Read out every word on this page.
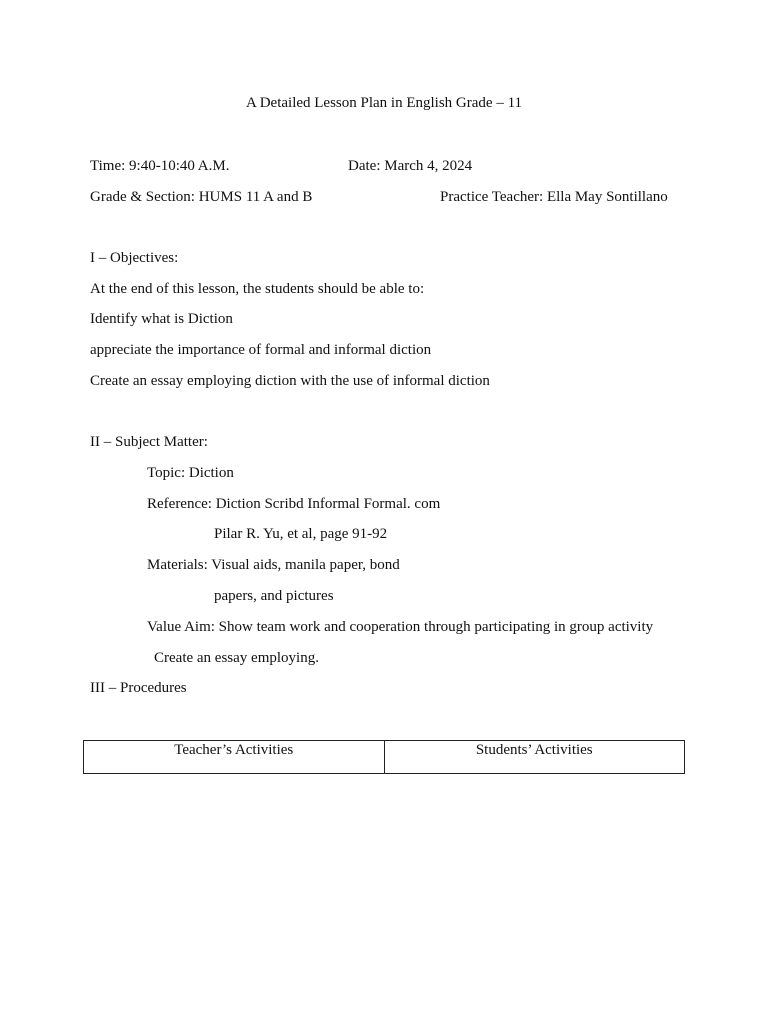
A Detailed Lesson Plan in English Grade – 11
Time: 9:40-10:40 A.M.	Date: March 4, 2024
Grade & Section: HUMS 11 A and B	Practice Teacher: Ella May Sontillano
I – Objectives:
At the end of this lesson, the students should be able to:
Identify what is Diction
appreciate the importance of formal and informal diction
Create an essay employing diction with the use of informal diction
II – Subject Matter:
Topic: Diction
Reference: Diction Scribd Informal Formal. com
Pilar R. Yu, et al, page 91-92
Materials: Visual aids, manila paper, bond
papers, and pictures
Value Aim: Show team work and cooperation through participating in group activity
Create an essay employing.
III – Procedures
Teacher’s Activities	Students’ Activities
